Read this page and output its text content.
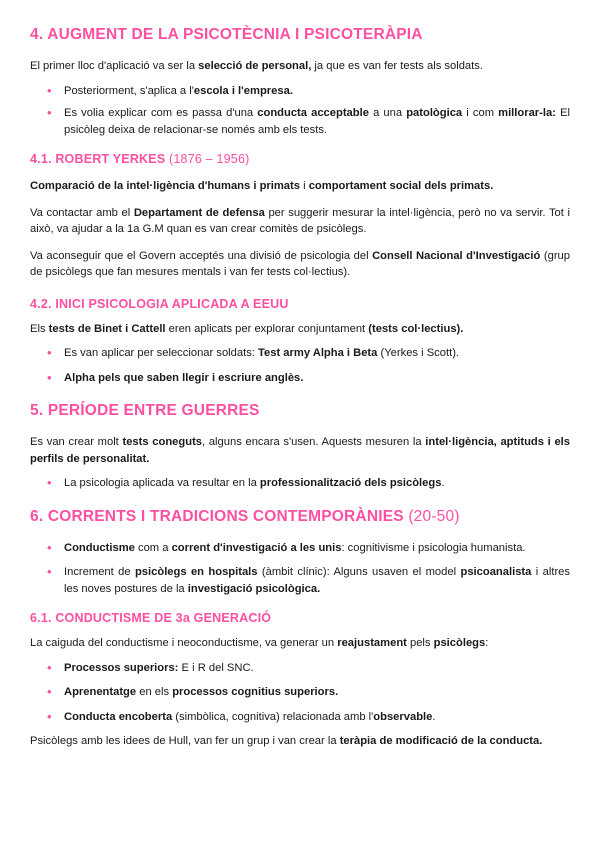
4. AUGMENT DE LA PSICOTÈCNIA I PSICOTERÀPIA

El primer lloc d'aplicació va ser la selecció de personal, ja que es van fer tests als soldats.

• Posteriorment, s'aplica a l'escola i l'empresa.
• Es volia explicar com es passa d'una conducta acceptable a una patològica i com millorar-la: El psicòleg deixa de relacionar-se només amb els tests.
4.1. ROBERT YERKES (1876 – 1956)

Comparació de la intel·ligència d'humans i primats i comportament social dels primats.

Va contactar amb el Departament de defensa per suggerir mesurar la intel·ligència, però no va servir. Tot i això, va ajudar a la 1a G.M quan es van crear comitès de psicòlegs.

Va aconseguir que el Govern acceptés una divisió de psicologia del Consell Nacional d'Investigació (grup de psicòlegs que fan mesures mentals i van fer tests col·lectius).

4.2. INICI PSICOLOGIA APLICADA A EEUU

Els tests de Binet i Cattell eren aplicats per explorar conjuntament (tests col·lectius).

• Es van aplicar per seleccionar soldats: Test army Alpha i Beta (Yerkes i Scott).
• Alpha pels que saben llegir i escriure anglès.
5. PERÍODE ENTRE GUERRES

Es van crear molt tests coneguts, alguns encara s'usen. Aquests mesuren la intel·ligència, aptituds i els perfils de personalitat.

• La psicologia aplicada va resultar en la professionalització dels psicòlegs.
6. CORRENTS I TRADICIONS CONTEMPORÀNIES (20-50)
• Conductisme com a corrent d'investigació a les unis: cognitivisme i psicologia humanista.
• Increment de psicòlegs en hospitals (àmbit clínic): Alguns usaven el model psicoanalista i altres les noves postures de la investigació psicològica.
6.1. CONDUCTISME DE 3a GENERACIÓ

La caiguda del conductisme i neoconductisme, va generar un reajustament pels psicòlegs:

• Processos superiors: E i R del SNC.
• Aprenentatge en els processos cognitius superiors.
• Conducta encoberta (simbòlica, cognitiva) relacionada amb l'observable.

Psicòlegs amb les idees de Hull, van fer un grup i van crear la teràpia de modificació de la conducta.
